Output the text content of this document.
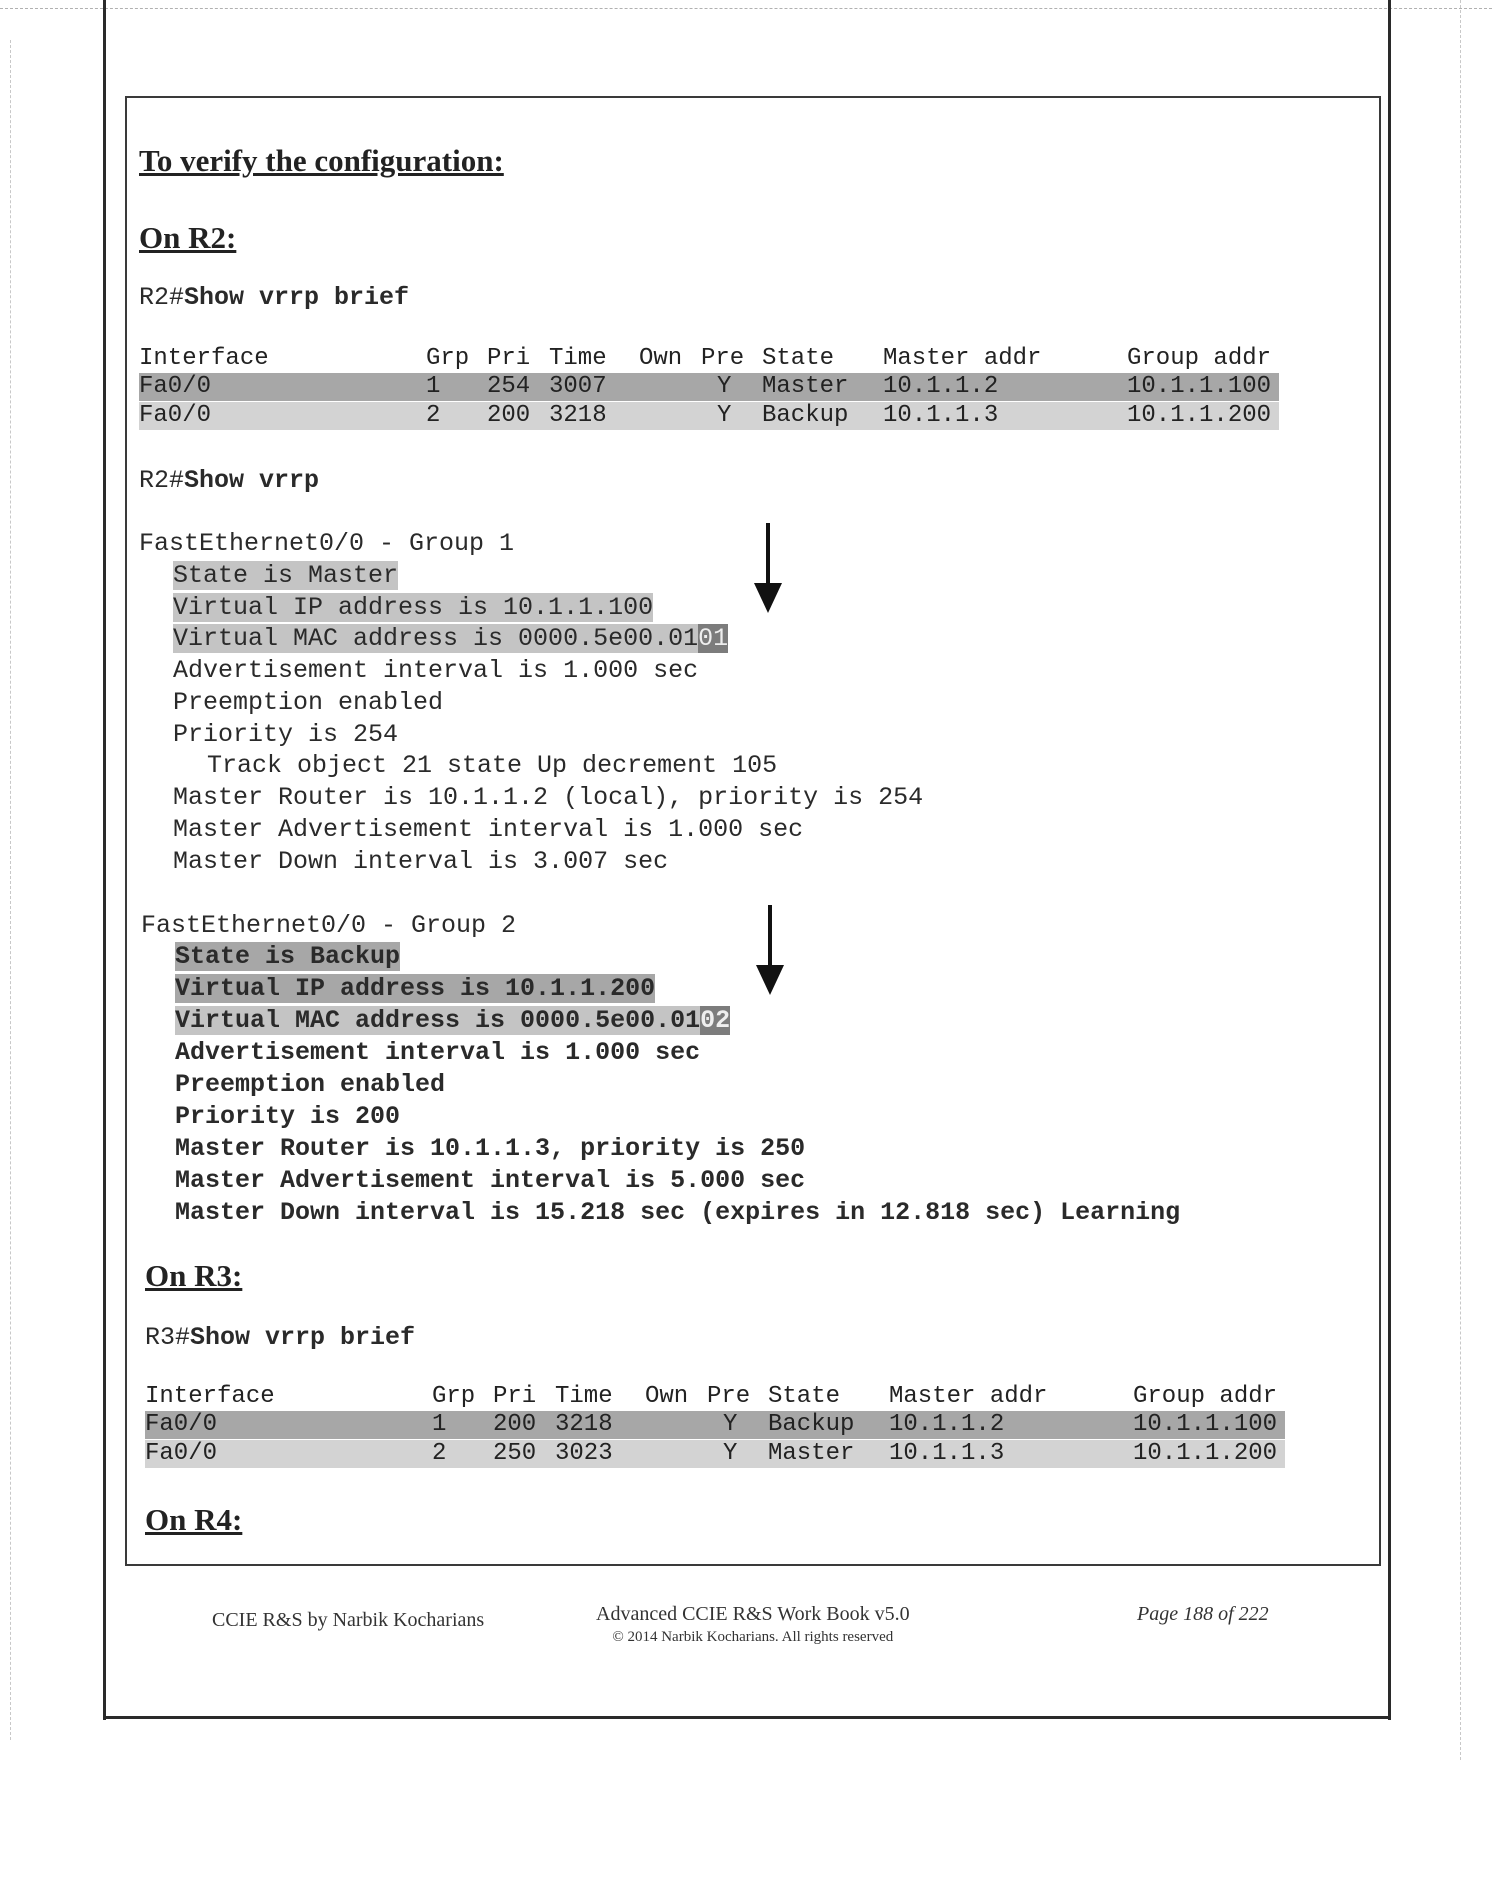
To verify the configuration:
On R2:
R2#Show vrrp brief
Interface	Grp Pri Time Own Pre State Master addr	Group addr
Fa0/0	1 254 3007	Y Master 10.1.1.2	10.1.1.100
Fa0/0	2 200 3218	Y Backup 10.1.1.3	10.1.1.200
R2#Show vrrp
FastEthernet0/0 - Group 1
State is Master
Virtual IP address is 10.1.1.100
Virtual MAC address is 0000.5e00.0101
Advertisement interval is 1.000 sec
Preemption enabled
Priority is 254
Track object 21 state Up decrement 105
Master Router is 10.1.1.2 (local), priority is 254
Master Advertisement interval is 1.000 sec
Master Down interval is 3.007 sec
FastEthernet0/0 - Group 2
State is Backup
Virtual IP address is 10.1.1.200
Virtual MAC address is 0000.5e00.0102
Advertisement interval is 1.000 sec
Preemption enabled
Priority is 200
Master Router is 10.1.1.3, priority is 250
Master Advertisement interval is 5.000 sec
Master Down interval is 15.218 sec (expires in 12.818 sec) Learning
On R3:
R3#Show vrrp brief
Interface	Grp Pri Time Own Pre State Master addr	Group addr
Fa0/0	1 200 3218	Y Backup 10.1.1.2	10.1.1.100
Fa0/0	2 250 3023	Y Master 10.1.1.3	10.1.1.200
On R4:
CCIE R&S by Narbik Kocharians	Advanced CCIE R&S Work Book v5.0
© 2014 Narbik Kocharians. All rights reserved
Page 188 of 222
